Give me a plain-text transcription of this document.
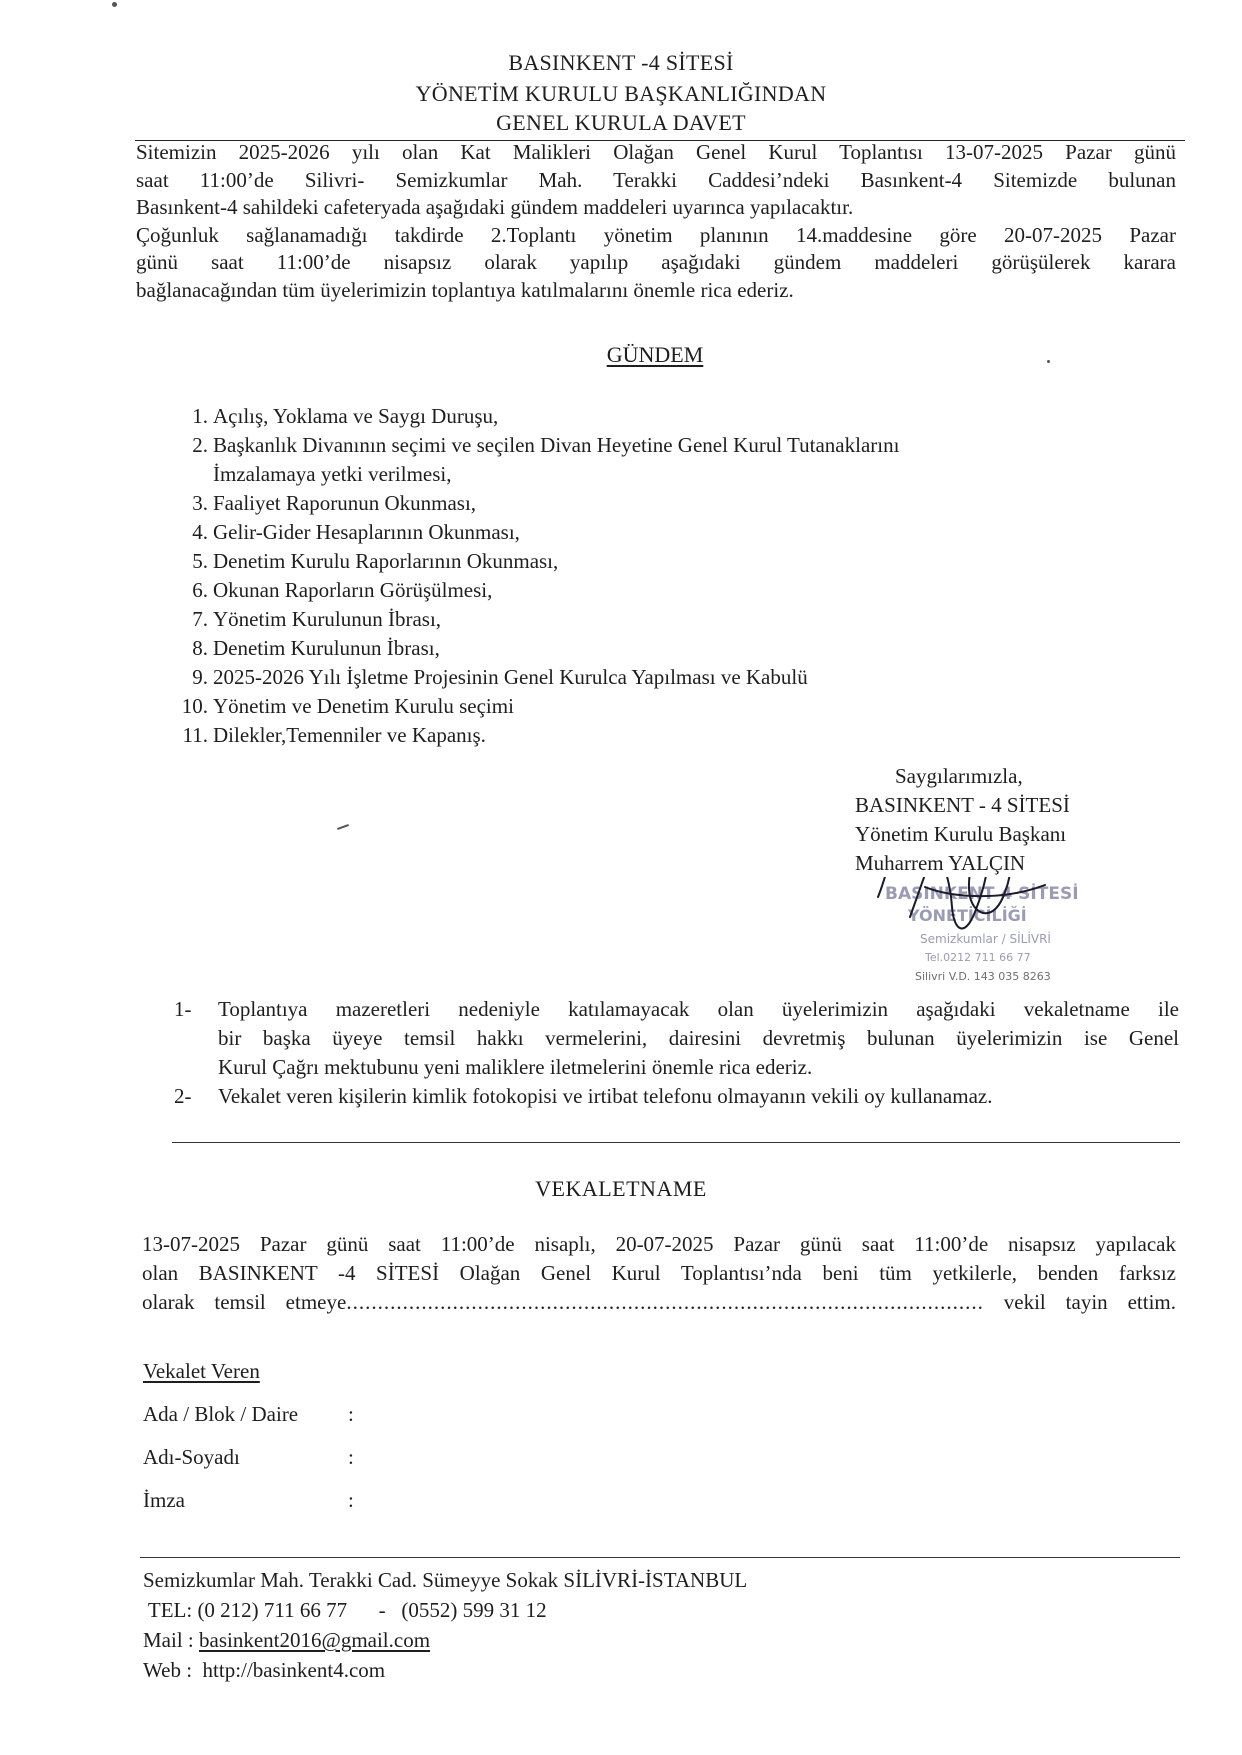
BASINKENT -4 SİTESİ
YÖNETİM KURULU BAŞKANLIĞINDAN
GENEL KURULA DAVET
Sitemizin 2025-2026 yılı olan Kat Malikleri Olağan Genel Kurul Toplantısı 13-07-2025 Pazar günü
saat 11:00’de Silivri- Semizkumlar Mah. Terakki Caddesi’ndeki Basınkent-4 Sitemizde bulunan
Basınkent-4 sahildeki cafeteryada aşağıdaki gündem maddeleri uyarınca yapılacaktır.
Çoğunluk sağlanamadığı takdirde 2.Toplantı yönetim planının 14.maddesine göre 20-07-2025 Pazar
günü saat 11:00’de nisapsız olarak yapılıp aşağıdaki gündem maddeleri görüşülerek karara
bağlanacağından tüm üyelerimizin toplantıya katılmalarını önemle rica ederiz.
GÜNDEM
1. Açılış, Yoklama ve Saygı Duruşu,
2. Başkanlık Divanının seçimi ve seçilen Divan Heyetine Genel Kurul Tutanaklarını
İmzalamaya yetki verilmesi,
3. Faaliyet Raporunun Okunması,
4. Gelir-Gider Hesaplarının Okunması,
5. Denetim Kurulu Raporlarının Okunması,
6. Okunan Raporların Görüşülmesi,
7. Yönetim Kurulunun İbrası,
8. Denetim Kurulunun İbrası,
9. 2025-2026 Yılı İşletme Projesinin Genel Kurulca Yapılması ve Kabulü
10. Yönetim ve Denetim Kurulu seçimi
11. Dilekler,Temenniler ve Kapanış.
Saygılarımızla,
BASINKENT - 4 SİTESİ
Yönetim Kurulu Başkanı
Muharrem YALÇIN
BASINKENT 4 SİTESİ
YÖNETİCİLİĞİ
Semizkumlar / SİLİVRİ
Tel.0212 711 66 77
Silivri V.D. 143 035 8263
1- Toplantıya mazeretleri nedeniyle katılamayacak olan üyelerimizin aşağıdaki vekaletname ile
bir başka üyeye temsil hakkı vermelerini, dairesini devretmiş bulunan üyelerimizin ise Genel
Kurul Çağrı mektubunu yeni maliklere iletmelerini önemle rica ederiz.
2- Vekalet veren kişilerin kimlik fotokopisi ve irtibat telefonu olmayanın vekili oy kullanamaz.
VEKALETNAME
13-07-2025 Pazar günü saat 11:00’de nisaplı, 20-07-2025 Pazar günü saat 11:00’de nisapsız yapılacak
olan BASINKENT -4 SİTESİ Olağan Genel Kurul Toplantısı’nda beni tüm yetkilerle, benden farksız
olarak temsil etmeye...................................................................................................... vekil tayin ettim.
Vekalet Veren
Ada / Blok / Daire	:
Adı-Soyadı	:
İmza	:
Semizkumlar Mah. Terakki Cad. Sümeyye Sokak SİLİVRİ-İSTANBUL
TEL: (0 212) 711 66 77      -   (0552) 599 31 12
Mail : basinkent2016@gmail.com
Web :  http://basinkent4.com
